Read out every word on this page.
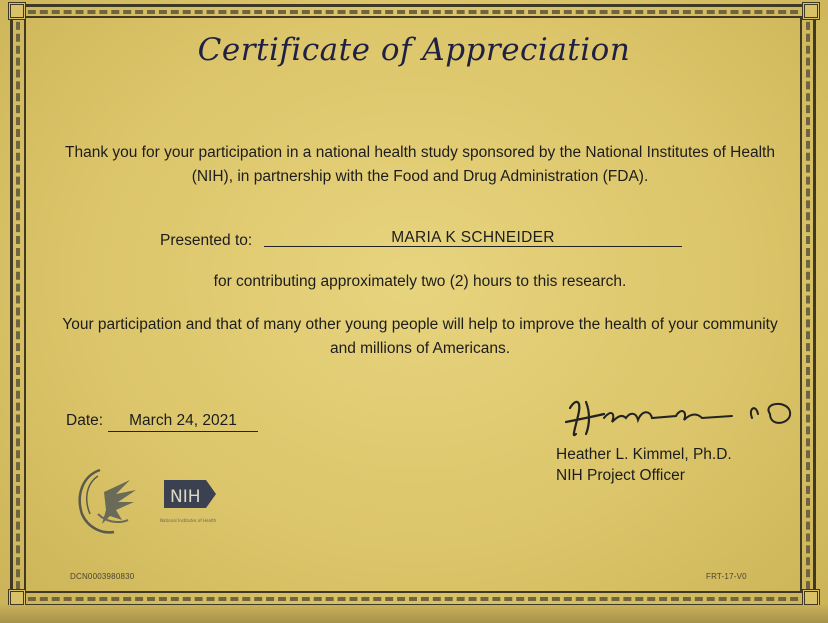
Certificate of Appreciation
Thank you for your participation in a national health study sponsored by the National Institutes of Health (NIH), in partnership with the Food and Drug Administration (FDA).
Presented to:	MARIA K SCHNEIDER
for contributing approximately two (2) hours to this research.
Your participation and that of many other young people will help to improve the health of your community and millions of Americans.
Date:	March 24, 2021
Heather L. Kimmel, Ph.D.
NIH Project Officer
NIH
National Institutes of Health
DCN0003980830	FRT-17-V0
